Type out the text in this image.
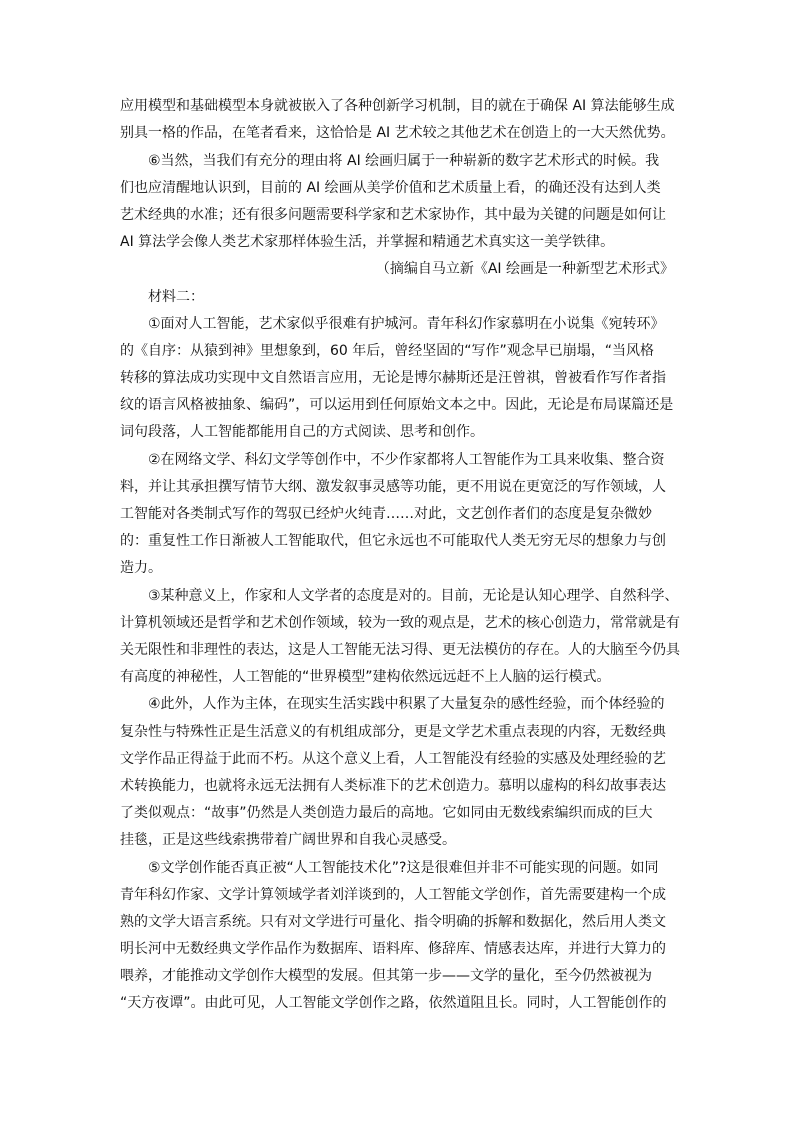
应用模型和基础模型本身就被嵌入了各种创新学习机制，目的就在于确保 AI 算法能够生成
别具一格的作品，在笔者看来，这恰恰是 AI 艺术较之其他艺术在创造上的一大天然优势。
⑥当然，当我们有充分的理由将 AI 绘画归属于一种崭新的数字艺术形式的时候。我
们也应清醒地认识到，目前的 AI 绘画从美学价值和艺术质量上看，的确还没有达到人类
艺术经典的水准；还有很多问题需要科学家和艺术家协作，其中最为关键的问题是如何让
AI 算法学会像人类艺术家那样体验生活，并掌握和精通艺术真实这一美学铁律。
（摘编自马立新《AI 绘画是一种新型艺术形式》
材料二：
①面对人工智能，艺术家似乎很难有护城河。青年科幻作家慕明在小说集《宛转环》
的《自序：从猿到神》里想象到，60 年后，曾经坚固的“写作”观念早已崩塌，“当风格
转移的算法成功实现中文自然语言应用，无论是博尔赫斯还是汪曾祺，曾被看作写作者指
纹的语言风格被抽象、编码”，可以运用到任何原始文本之中。因此，无论是布局谋篇还是
词句段落，人工智能都能用自己的方式阅读、思考和创作。
②在网络文学、科幻文学等创作中，不少作家都将人工智能作为工具来收集、整合资
料，并让其承担撰写情节大纲、激发叙事灵感等功能，更不用说在更宽泛的写作领域，人
工智能对各类制式写作的驾驭已经炉火纯青……对此，文艺创作者们的态度是复杂微妙
的：重复性工作日渐被人工智能取代，但它永远也不可能取代人类无穷无尽的想象力与创
造力。
③某种意义上，作家和人文学者的态度是对的。目前，无论是认知心理学、自然科学、
计算机领域还是哲学和艺术创作领域，较为一致的观点是，艺术的核心创造力，常常就是有
关无限性和非理性的表达，这是人工智能无法习得、更无法模仿的存在。人的大脑至今仍具
有高度的神秘性，人工智能的“世界模型”建构依然远远赶不上人脑的运行模式。
④此外，人作为主体，在现实生活实践中积累了大量复杂的感性经验，而个体经验的
复杂性与特殊性正是生活意义的有机组成部分，更是文学艺术重点表现的内容，无数经典
文学作品正得益于此而不朽。从这个意义上看，人工智能没有经验的实感及处理经验的艺
术转换能力，也就将永远无法拥有人类标准下的艺术创造力。慕明以虚构的科幻故事表达
了类似观点：“故事”仍然是人类创造力最后的高地。它如同由无数线索编织而成的巨大
挂毯，正是这些线索携带着广阔世界和自我心灵感受。
⑤文学创作能否真正被“人工智能技术化”?这是很难但并非不可能实现的问题。如同
青年科幻作家、文学计算领域学者刘洋谈到的，人工智能文学创作，首先需要建构一个成
熟的文学大语言系统。只有对文学进行可量化、指令明确的拆解和数据化，然后用人类文
明长河中无数经典文学作品作为数据库、语料库、修辞库、情感表达库，并进行大算力的
喂养，才能推动文学创作大模型的发展。但其第一步——文学的量化，至今仍然被视为
“天方夜谭”。由此可见，人工智能文学创作之路，依然道阻且长。同时，人工智能创作的
